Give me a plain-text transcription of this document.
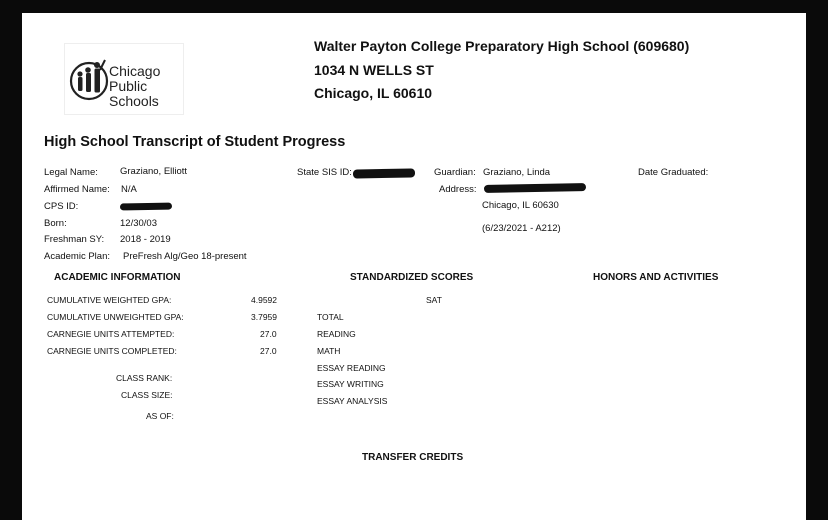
Chicago
Public
Schools
Walter Payton College Preparatory High School (609680)
1034 N WELLS ST
Chicago, IL 60610
High School Transcript of Student Progress
Legal Name: Graziano, Elliott
Affirmed Name: N/A
CPS ID:
Born:	12/30/03
Freshman SY: 2018 - 2019
Academic Plan: PreFresh Alg/Geo 18-present
State SIS ID:	Guardian: Graziano, Linda
Address:
Chicago, IL 60630
(6/23/2021 - A212)
Date Graduated:
ACADEMIC INFORMATION	STANDARDIZED SCORES	HONORS AND ACTIVITIES
CUMULATIVE WEIGHTED GPA:	4.9592
CUMULATIVE UNWEIGHTED GPA:	3.7959
CARNEGIE UNITS ATTEMPTED:	27.0
CARNEGIE UNITS COMPLETED:	27.0
CLASS RANK:
CLASS SIZE:
AS OF:
SAT
TOTAL
READING
MATH
ESSAY READING
ESSAY WRITING
ESSAY ANALYSIS
TRANSFER CREDITS
